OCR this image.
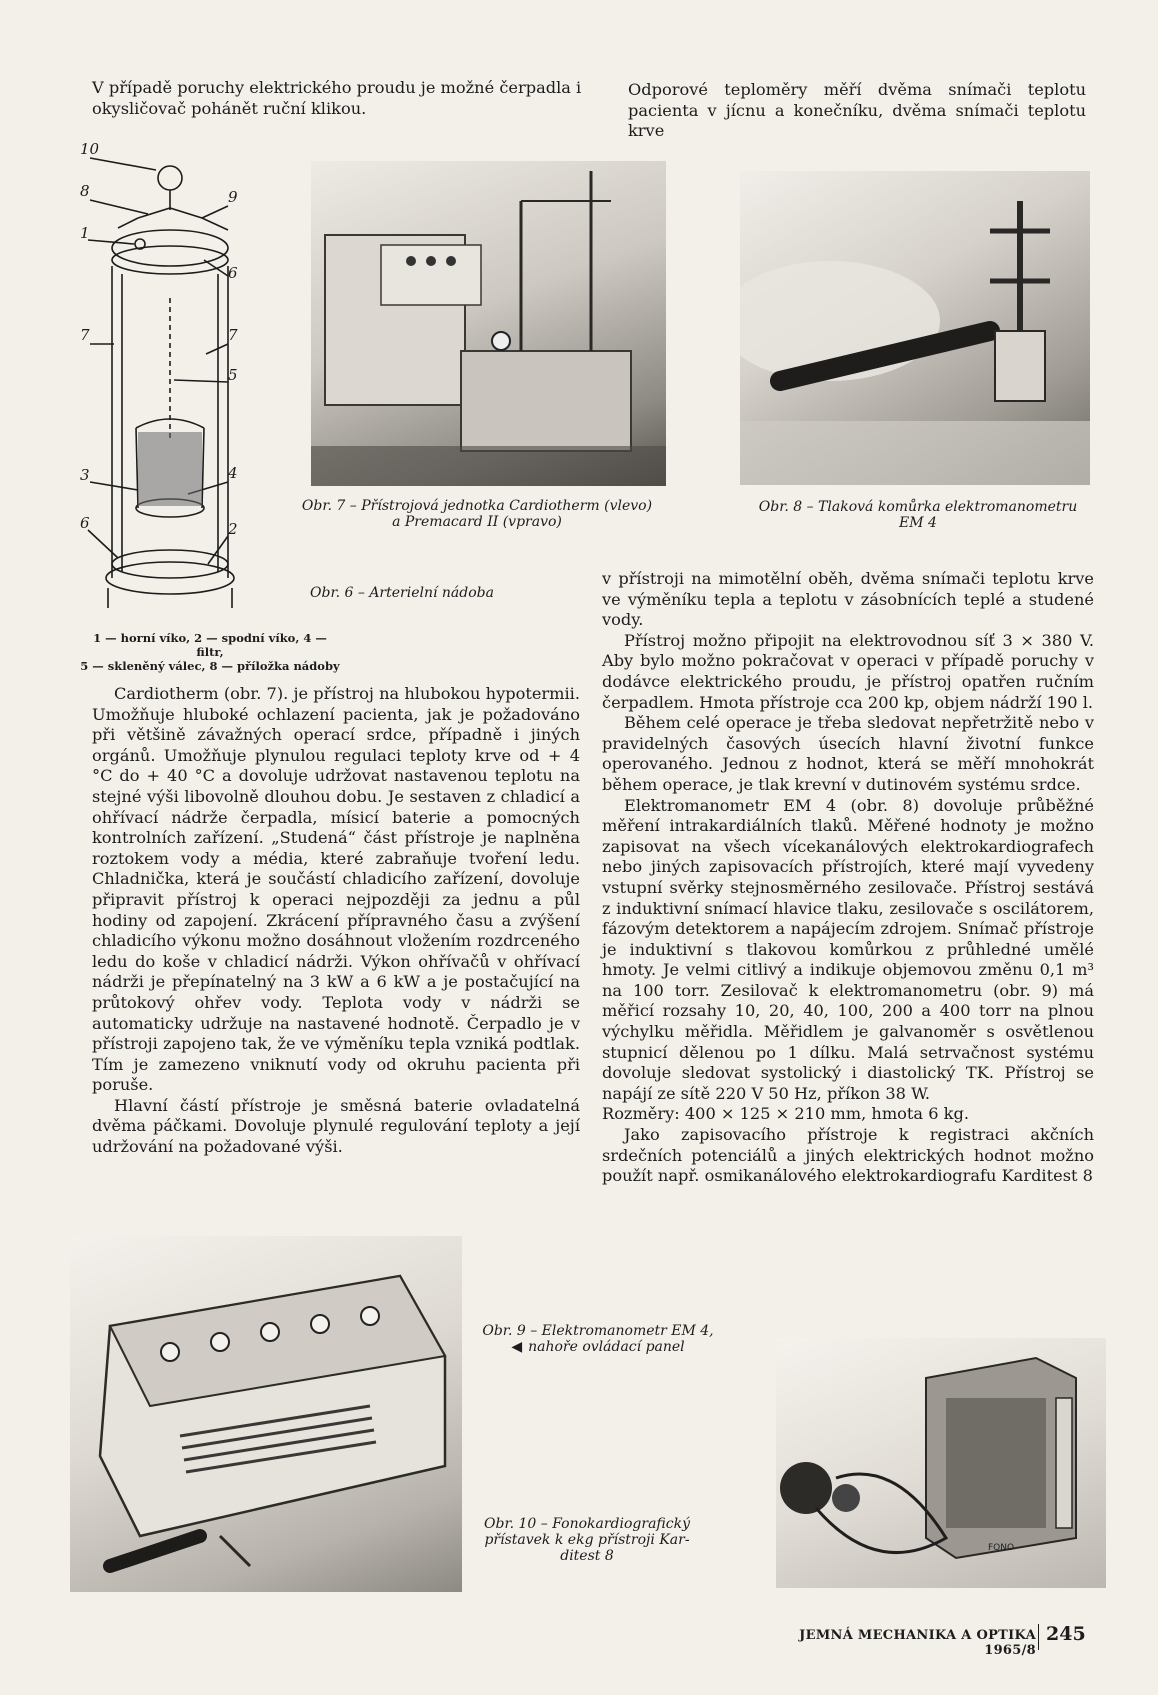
V případě poruchy elektrického proudu je možné čerpadla i okysličovač pohánět ruční klikou.
Odporové teploměry měří dvěma snímači teplotu pacienta v jícnu a konečníku, dvěma snímači teplotu krve
10
8	9
1
6
7	7
5
3	4
6	2
Obr. 6 – Arterielní nádoba
1 — horní víko, 2 — spodní víko, 4 — filtr,
5 — skleněný válec, 8 — příložka nádoby
Obr. 7 – Přístrojová jednotka Cardiotherm (vlevo)
a Premacard II (vpravo)
Obr. 8 – Tlaková komůrka elektromanometru
EM 4

Cardiotherm (obr. 7). je přístroj na hlubokou hypotermii. Umožňuje hluboké ochlazení pacienta, jak je požadováno při většině závažných operací srdce, případně i jiných orgánů. Umožňuje plynulou regulaci teploty krve od + 4 °C do + 40 °C a dovoluje udržovat nastavenou teplotu na stejné výši libovolně dlouhou dobu. Je sestaven z chladicí a ohřívací nádrže čerpadla, mísicí baterie a pomocných kontrolních zařízení. „Studená“ část přístroje je naplněna roztokem vody a média, které zabraňuje tvoření ledu. Chladnička, která je součástí chladicího zařízení, dovoluje připravit přístroj k operaci nejpozději za jednu a půl hodiny od zapojení. Zkrácení přípravného času a zvýšení chladicího výkonu možno dosáhnout vložením rozdrceného ledu do koše v chladicí nádrži. Výkon ohřívačů v ohřívací nádrži je přepínatelný na 3 kW a 6 kW a je postačující na průtokový ohřev vody. Teplota vody v nádrži se automaticky udržuje na nastavené hodnotě. Čerpadlo je v přístroji zapojeno tak, že ve výměníku tepla vzniká podtlak. Tím je zamezeno vniknutí vody od okruhu pacienta při poruše.

Hlavní částí přístroje je směsná baterie ovladatelná dvěma páčkami. Dovoluje plynulé regulování teploty a její udržování na požadované výši.

v přístroji na mimotělní oběh, dvěma snímači teplotu krve ve výměníku tepla a teplotu v zásobnících teplé a studené vody.

Přístroj možno připojit na elektrovodnou síť 3 × 380 V. Aby bylo možno pokračovat v operaci v případě poruchy v dodávce elektrického proudu, je přístroj opatřen ručním čerpadlem. Hmota přístroje cca 200 kp, objem nádrží 190 l.

Během celé operace je třeba sledovat nepřetržitě nebo v pravidelných časových úsecích hlavní životní funkce operovaného. Jednou z hodnot, která se měří mnohokrát během operace, je tlak krevní v dutinovém systému srdce.

Elektromanometr EM 4 (obr. 8) dovoluje průběžné měření intrakardiálních tlaků. Měřené hodnoty je možno zapisovat na všech vícekanálových elektrokardiografech nebo jiných zapisovacích přístrojích, které mají vyvedeny vstupní svěrky stejnosměrného zesilovače. Přístroj sestává z induktivní snímací hlavice tlaku, zesilovače s oscilátorem, fázovým detektorem a napájecím zdrojem. Snímač přístroje je induktivní s tlakovou komůrkou z průhledné umělé hmoty. Je velmi citlivý a indikuje objemovou změnu 0,1 m³ na 100 torr. Zesilovač k elektromanometru (obr. 9) má měřicí rozsahy 10, 20, 40, 100, 200 a 400 torr na plnou výchylku měřidla. Měřidlem je galvanoměr s osvětlenou stupnicí dělenou po 1 dílku. Malá setrvačnost systému dovoluje sledovat systolický i diastolický TK. Přístroj se napájí ze sítě 220 V 50 Hz, příkon 38 W.

Rozměry: 400 × 125 × 210 mm, hmota 6 kg.

Jako zapisovacího přístroje k registraci akčních srdečních potenciálů a jiných elektrických hodnot možno použít např. osmikanálového elektrokardiografu Karditest 8

Obr. 9 – Elektromanometr EM 4,
◀ nahoře ovládací panel
FONO
Obr. 10 – Fonokardiografický
přístavek k ekg přístroji Kar-
ditest 8
JEMNÁ MECHANIKA A OPTIKA 1965/8
245
